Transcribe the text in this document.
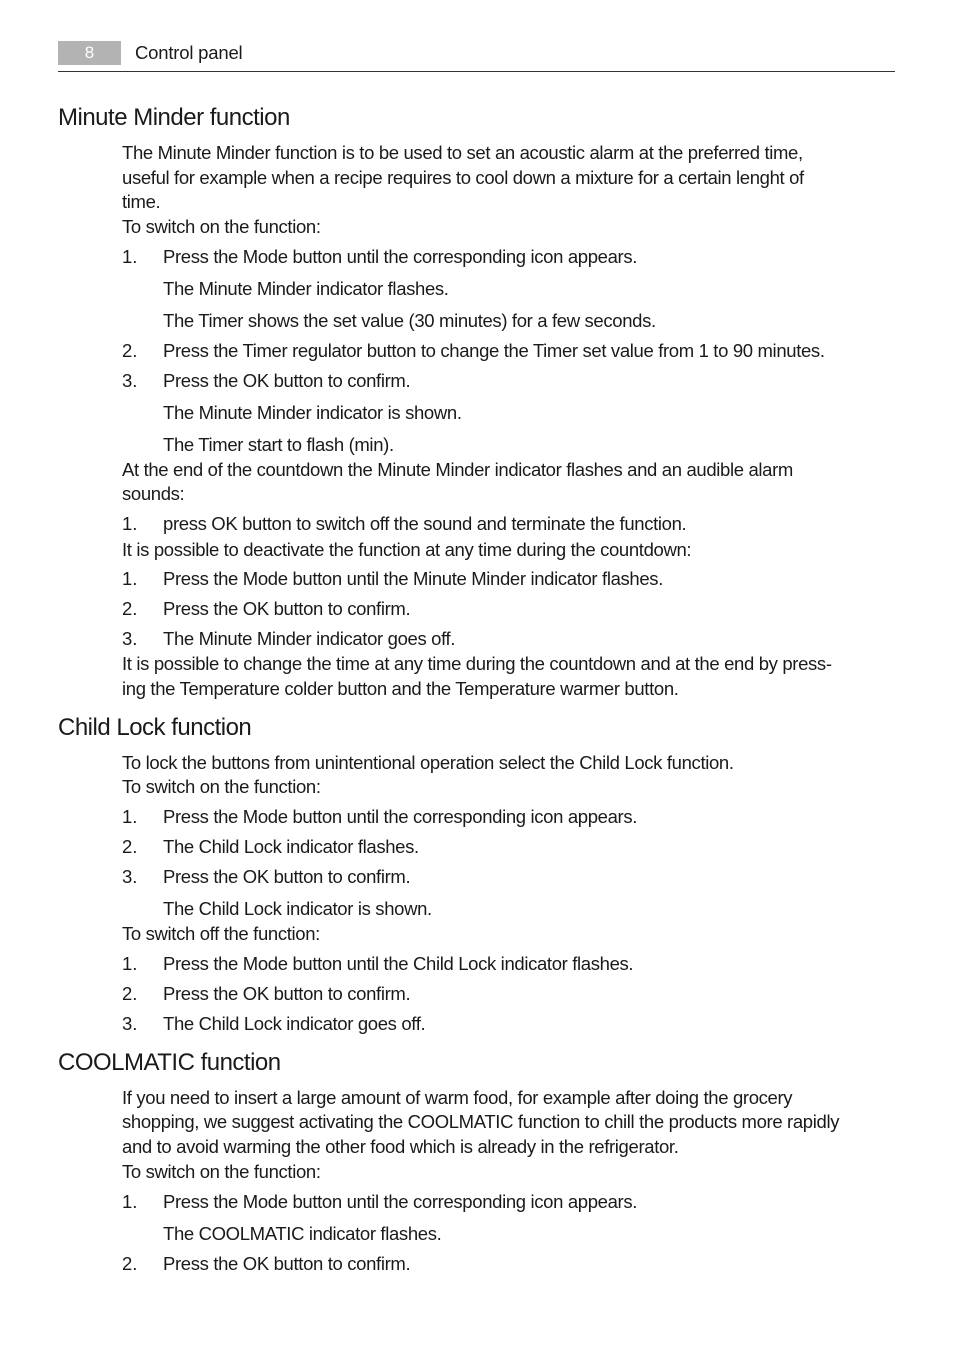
8	Control panel
Minute Minder function
The Minute Minder function is to be used to set an acoustic alarm at the preferred time,
useful for example when a recipe requires to cool down a mixture for a certain lenght of
time.
To switch on the function:
1. Press the Mode button until the corresponding icon appears.
The Minute Minder indicator flashes.
The Timer shows the set value (30 minutes) for a few seconds.
2. Press the Timer regulator button to change the Timer set value from 1 to 90 minutes.
3. Press the OK button to confirm.
The Minute Minder indicator is shown.
The Timer start to flash (min).
At the end of the countdown the Minute Minder indicator flashes and an audible alarm
sounds:
1. press OK button to switch off the sound and terminate the function.
It is possible to deactivate the function at any time during the countdown:
1. Press the Mode button until the Minute Minder indicator flashes.
2. Press the OK button to confirm.
3. The Minute Minder indicator goes off.
It is possible to change the time at any time during the countdown and at the end by press-
ing the Temperature colder button and the Temperature warmer button.
Child Lock function
To lock the buttons from unintentional operation select the Child Lock function.
To switch on the function:
1. Press the Mode button until the corresponding icon appears.
2. The Child Lock indicator flashes.
3. Press the OK button to confirm.
The Child Lock indicator is shown.
To switch off the function:
1. Press the Mode button until the Child Lock indicator flashes.
2. Press the OK button to confirm.
3. The Child Lock indicator goes off.
COOLMATIC function
If you need to insert a large amount of warm food, for example after doing the grocery
shopping, we suggest activating the COOLMATIC function to chill the products more rapidly
and to avoid warming the other food which is already in the refrigerator.
To switch on the function:
1. Press the Mode button until the corresponding icon appears.
The COOLMATIC indicator flashes.
2. Press the OK button to confirm.
